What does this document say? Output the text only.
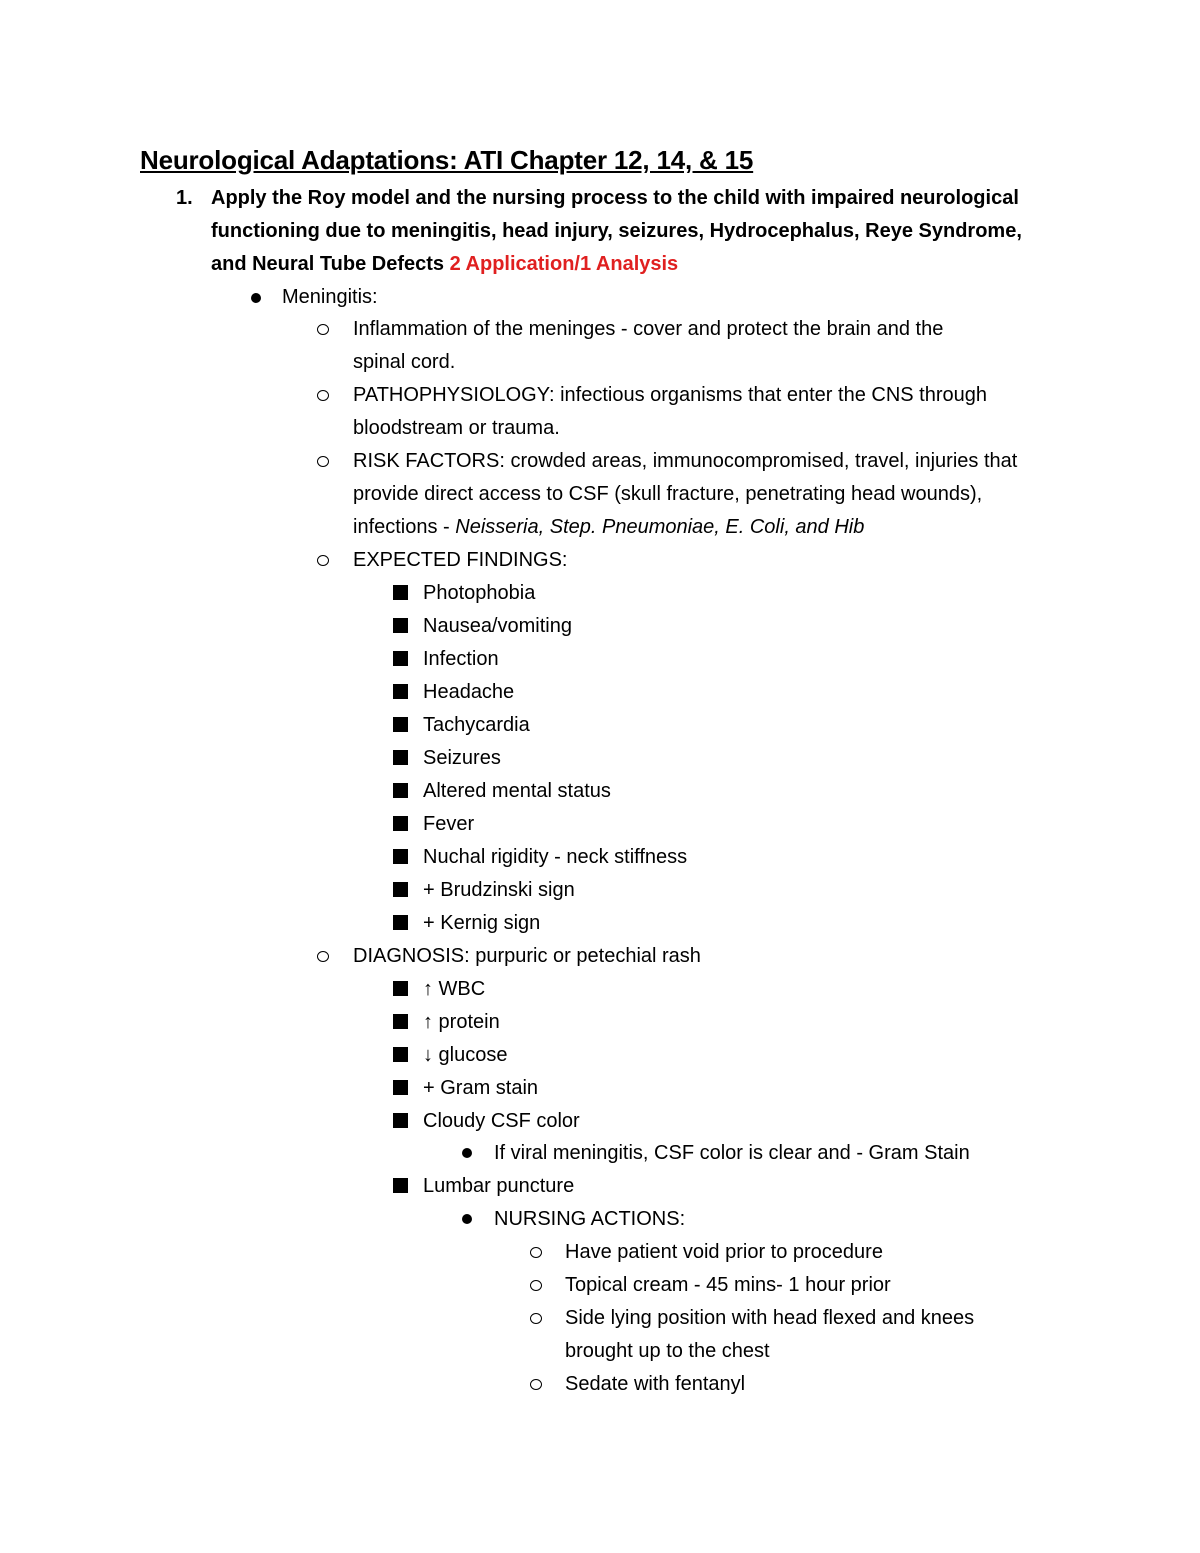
Neurological Adaptations: ATI Chapter 12, 14, & 15
1. Apply the Roy model and the nursing process to the child with impaired neurological
functioning due to meningitis, head injury, seizures, Hydrocephalus, Reye Syndrome,
and Neural Tube Defects 2 Application/1 Analysis
Meningitis:
Inflammation of the meninges - cover and protect the brain and the
spinal cord.
PATHOPHYSIOLOGY: infectious organisms that enter the CNS through
bloodstream or trauma.
RISK FACTORS: crowded areas, immunocompromised, travel, injuries that
provide direct access to CSF (skull fracture, penetrating head wounds),
infections - Neisseria, Step. Pneumoniae, E. Coli, and Hib
EXPECTED FINDINGS:
Photophobia
Nausea/vomiting
Infection
Headache
Tachycardia
Seizures
Altered mental status
Fever
Nuchal rigidity - neck stiffness
+ Brudzinski sign
+ Kernig sign
DIAGNOSIS: purpuric or petechial rash
↑ WBC
↑ protein
↓ glucose
+ Gram stain
Cloudy CSF color
If viral meningitis, CSF color is clear and - Gram Stain
Lumbar puncture
NURSING ACTIONS:
Have patient void prior to procedure
Topical cream - 45 mins- 1 hour prior
Side lying position with head flexed and knees
brought up to the chest
Sedate with fentanyl
